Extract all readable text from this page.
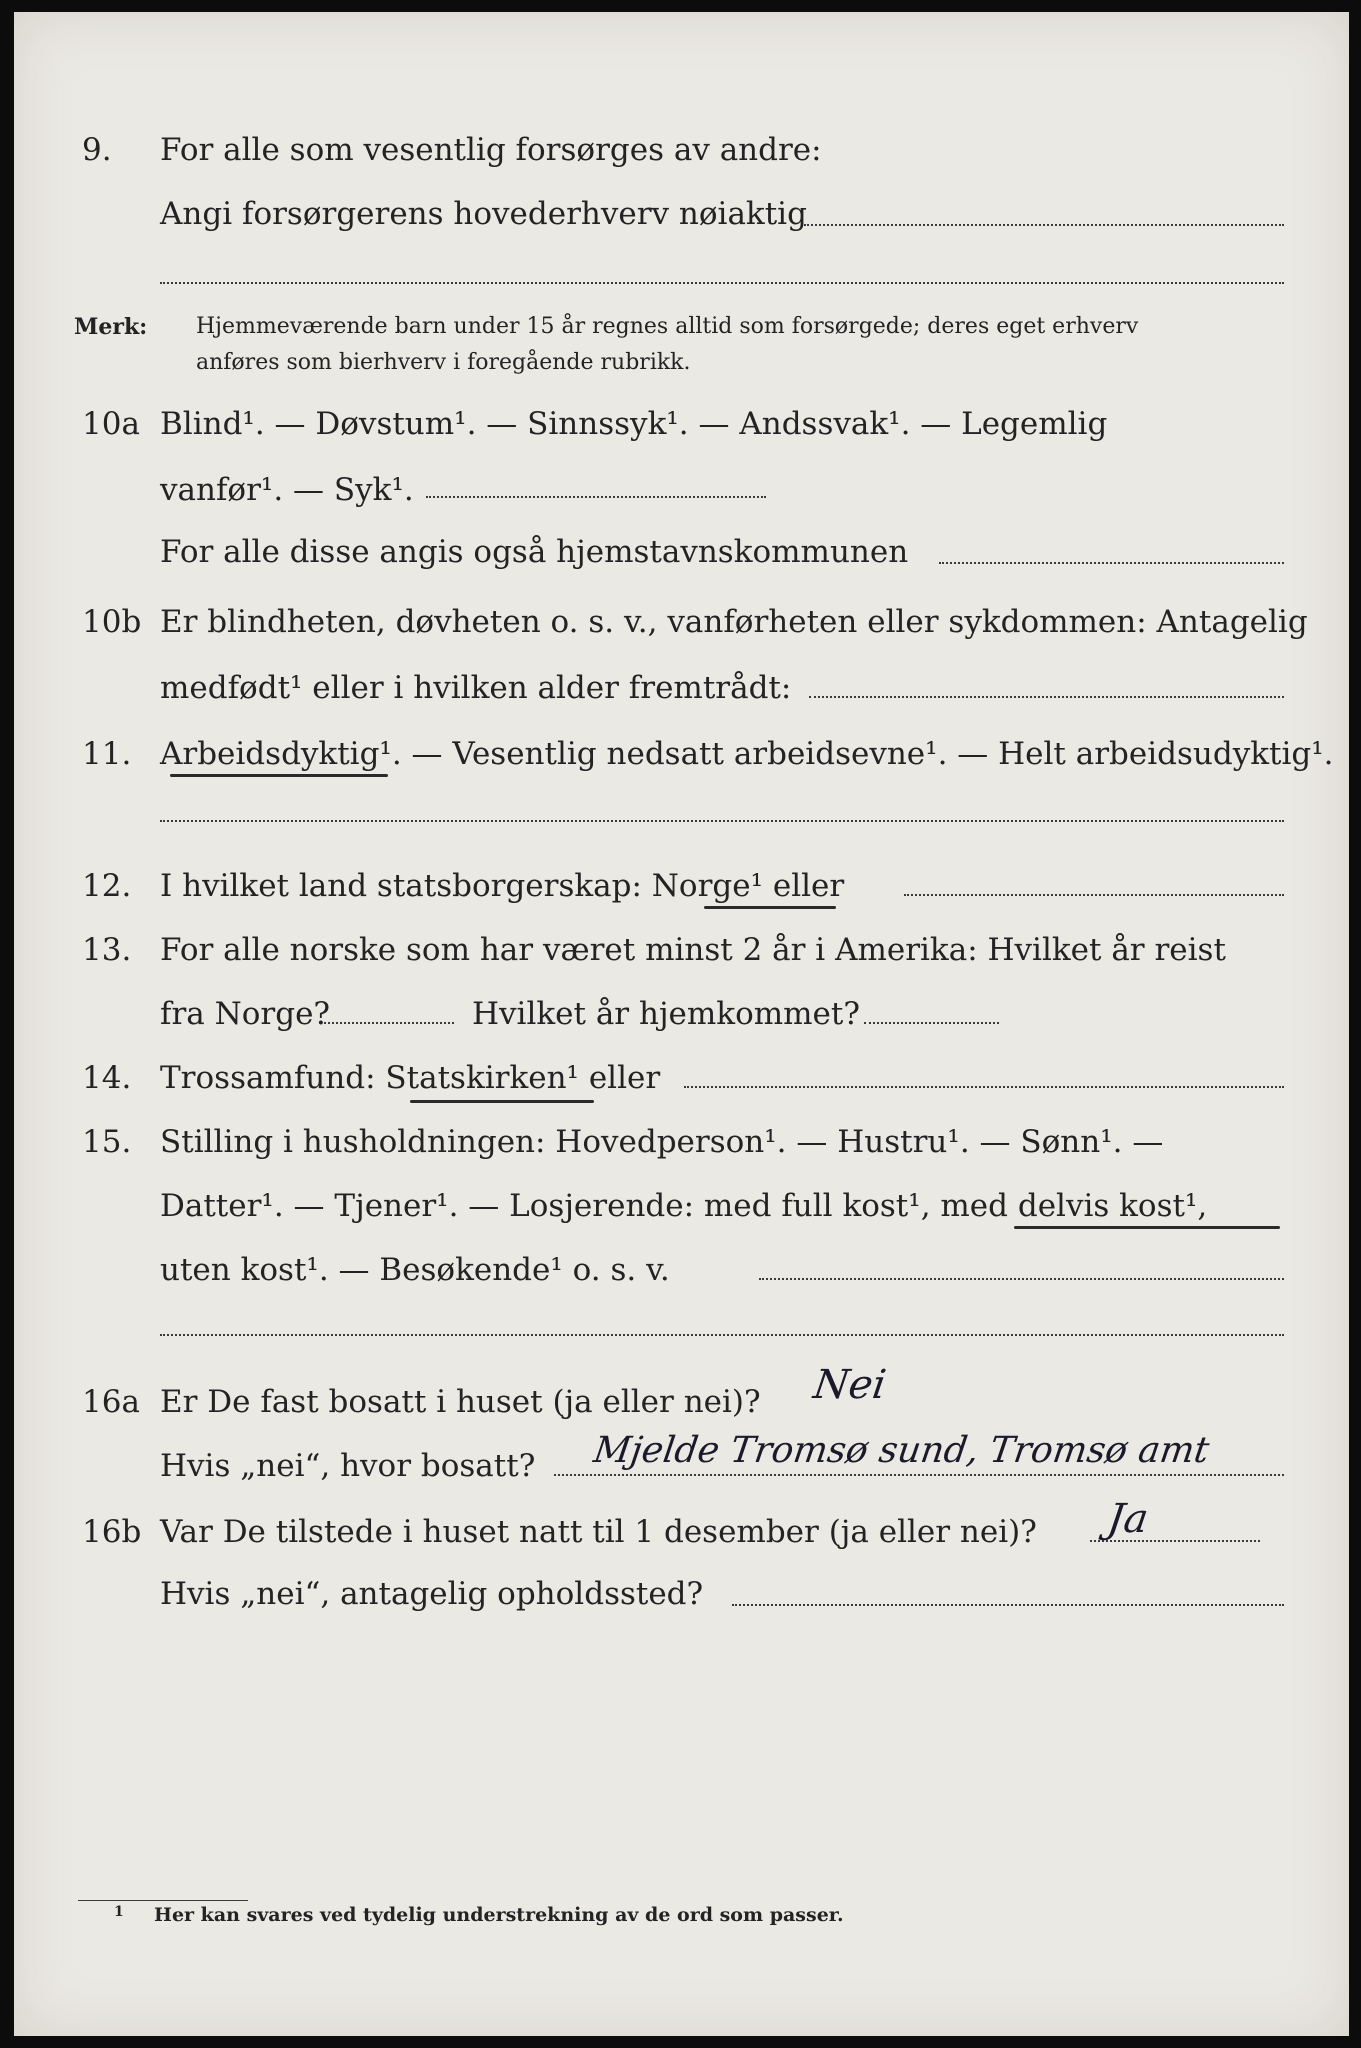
9. For alle som vesentlig forsørges av andre:
Angi forsørgerens hovederhverv nøiaktig
Merk: Hjemmeværende barn under 15 år regnes alltid som forsørgede; deres eget erhverv
anføres som bierhverv i foregående rubrikk.
10a Blind¹. — Døvstum¹. — Sinnssyk¹. — Andssvak¹. — Legemlig
vanfør¹. — Syk¹.
For alle disse angis også hjemstavnskommunen
10b Er blindheten, døvheten o. s. v., vanførheten eller sykdommen: Antagelig
medfødt¹ eller i hvilken alder fremtrådt:
11. Arbeidsdyktig¹. — Vesentlig nedsatt arbeidsevne¹. — Helt arbeidsudyktig¹.
12. I hvilket land statsborgerskap: Norge¹ eller
13. For alle norske som har været minst 2 år i Amerika: Hvilket år reist
fra Norge?	Hvilket år hjemkommet?
14. Trossamfund: Statskirken¹ eller
15. Stilling i husholdningen: Hovedperson¹. — Hustru¹. — Sønn¹. —
Datter¹. — Tjener¹. — Losjerende: med full kost¹, med delvis kost¹,
uten kost¹. — Besøkende¹ o. s. v.
16a Er De fast bosatt i huset (ja eller nei)? Nei
Hvis „nei“, hvor bosatt? Mjelde Tromsø sund, Tromsø amt
16b Var De tilstede i huset natt til 1 desember (ja eller nei)? Ja
Hvis „nei“, antagelig opholdssted?
1 Her kan svares ved tydelig understrekning av de ord som passer.
